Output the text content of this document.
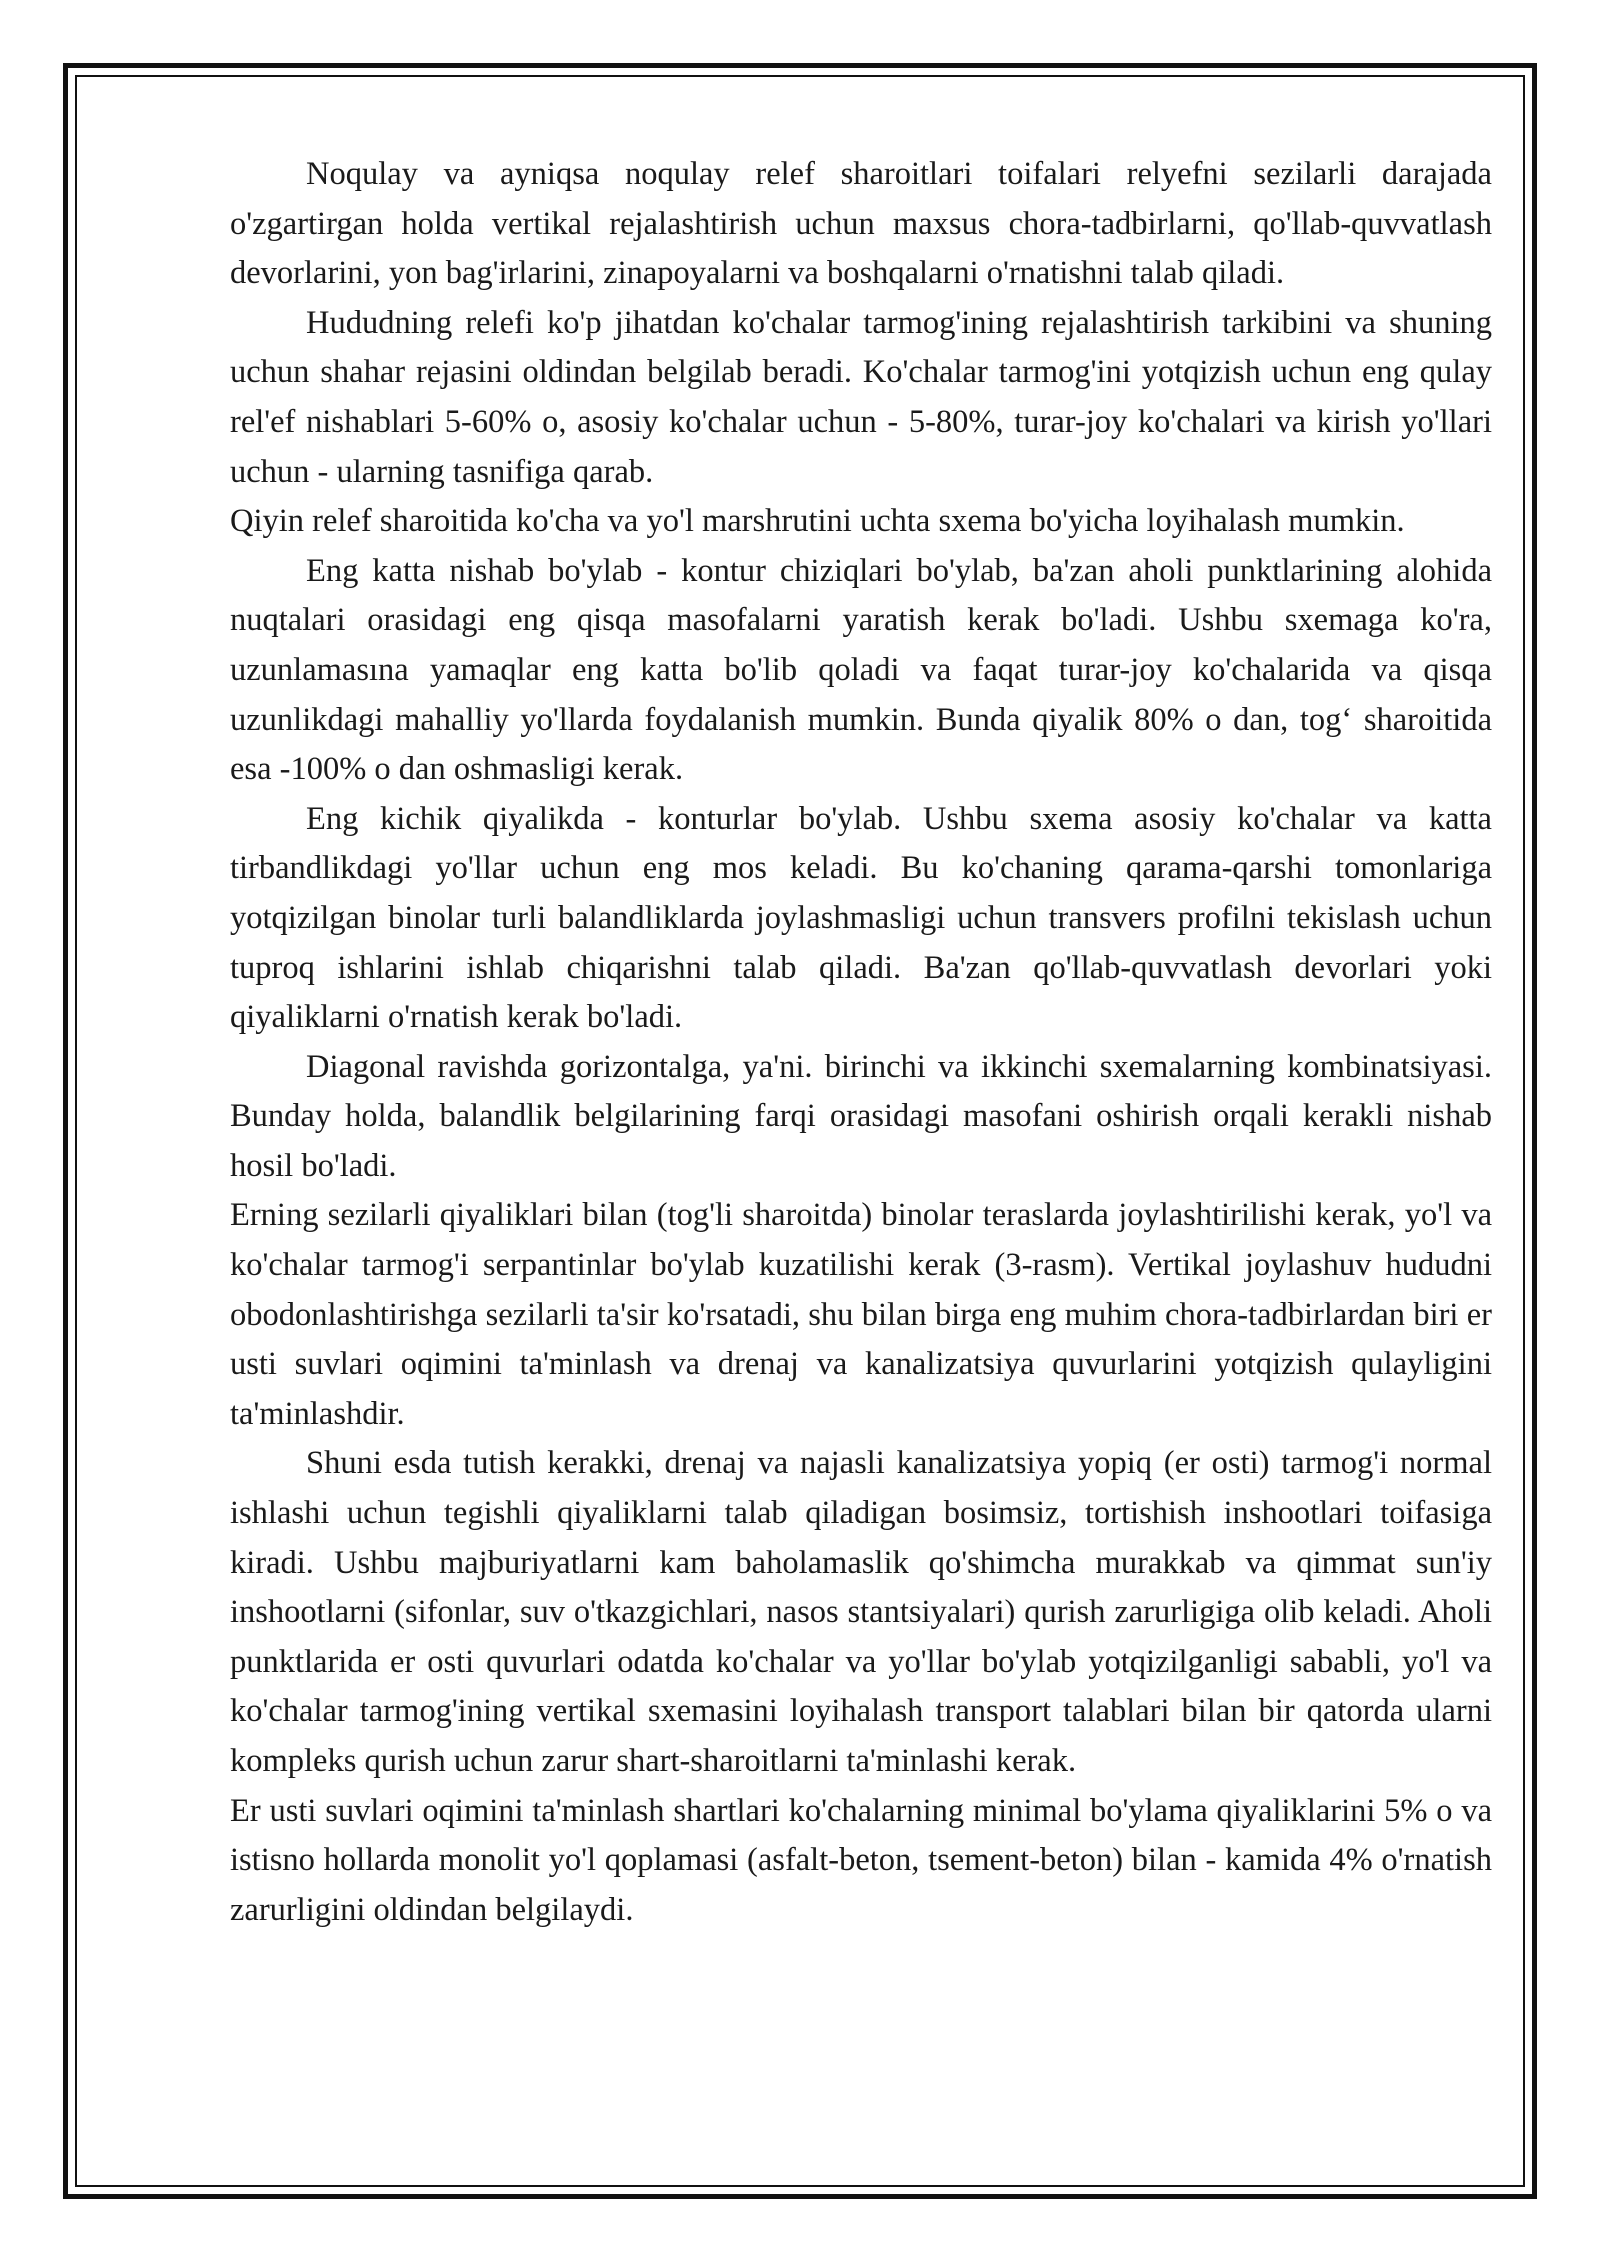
Noqulay va ayniqsa noqulay relef sharoitlari toifalari relyefni sezilarli darajada o'zgartirgan holda vertikal rejalashtirish uchun maxsus chora-tadbirlarni, qo'llab-quvvatlash devorlarini, yon bag'irlarini, zinapoyalarni va boshqalarni o'rnatishni talab qiladi.

Hududning relefi ko'p jihatdan ko'chalar tarmog'ining rejalashtirish tarkibini va shuning uchun shahar rejasini oldindan belgilab beradi. Ko'chalar tarmog'ini yotqizish uchun eng qulay rel'ef nishablari 5-60% o, asosiy ko'chalar uchun - 5-80%, turar-joy ko'chalari va kirish yo'llari uchun - ularning tasnifiga qarab.

Qiyin relef sharoitida ko'cha va yo'l marshrutini uchta sxema bo'yicha loyihalash mumkin.

Eng katta nishab bo'ylab - kontur chiziqlari bo'ylab, ba'zan aholi punktlarining alohida nuqtalari orasidagi eng qisqa masofalarni yaratish kerak bo'ladi. Ushbu sxemaga ko'ra, uzunlamasına yamaqlar eng katta bo'lib qoladi va faqat turar-joy ko'chalarida va qisqa uzunlikdagi mahalliy yo'llarda foydalanish mumkin. Bunda qiyalik 80% o dan, tog‘ sharoitida esa -100% o dan oshmasligi kerak.

Eng kichik qiyalikda - konturlar bo'ylab. Ushbu sxema asosiy ko'chalar va katta tirbandlikdagi yo'llar uchun eng mos keladi. Bu ko'chaning qarama-qarshi tomonlariga yotqizilgan binolar turli balandliklarda joylashmasligi uchun transvers profilni tekislash uchun tuproq ishlarini ishlab chiqarishni talab qiladi. Ba'zan qo'llab-quvvatlash devorlari yoki qiyaliklarni o'rnatish kerak bo'ladi.

Diagonal ravishda gorizontalga, ya'ni. birinchi va ikkinchi sxemalarning kombinatsiyasi. Bunday holda, balandlik belgilarining farqi orasidagi masofani oshirish orqali kerakli nishab hosil bo'ladi.

Erning sezilarli qiyaliklari bilan (tog'li sharoitda) binolar teraslarda joylashtirilishi kerak, yo'l va ko'chalar tarmog'i serpantinlar bo'ylab kuzatilishi kerak (3-rasm). Vertikal joylashuv hududni obodonlashtirishga sezilarli ta'sir ko'rsatadi, shu bilan birga eng muhim chora-tadbirlardan biri er usti suvlari oqimini ta'minlash va drenaj va kanalizatsiya quvurlarini yotqizish qulayligini ta'minlashdir.

Shuni esda tutish kerakki, drenaj va najasli kanalizatsiya yopiq (er osti) tarmog'i normal ishlashi uchun tegishli qiyaliklarni talab qiladigan bosimsiz, tortishish inshootlari toifasiga kiradi. Ushbu majburiyatlarni kam baholamaslik qo'shimcha murakkab va qimmat sun'iy inshootlarni (sifonlar, suv o'tkazgichlari, nasos stantsiyalari) qurish zarurligiga olib keladi. Aholi punktlarida er osti quvurlari odatda ko'chalar va yo'llar bo'ylab yotqizilganligi sababli, yo'l va ko'chalar tarmog'ining vertikal sxemasini loyihalash transport talablari bilan bir qatorda ularni kompleks qurish uchun zarur shart-sharoitlarni ta'minlashi kerak.

Er usti suvlari oqimini ta'minlash shartlari ko'chalarning minimal bo'ylama qiyaliklarini 5% o va istisno hollarda monolit yo'l qoplamasi (asfalt-beton, tsement-beton) bilan - kamida 4% o'rnatish zarurligini oldindan belgilaydi.
